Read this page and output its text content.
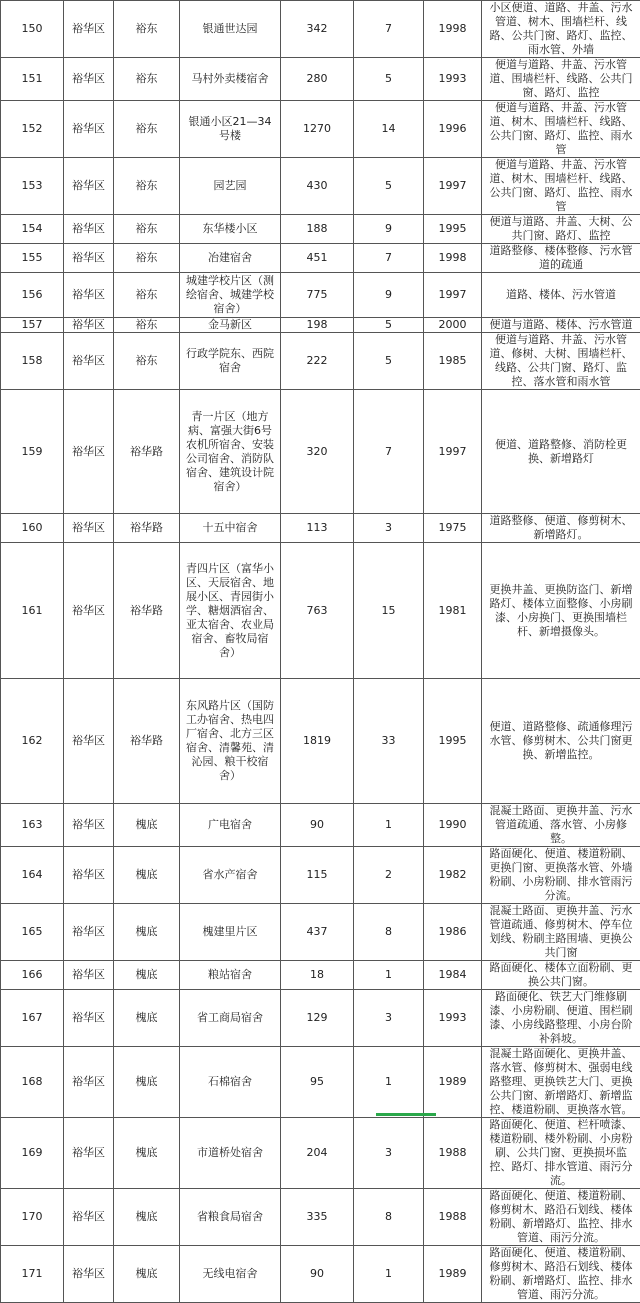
150	裕华区	裕东	银通世达园	342	7	1998	小区便道、道路、井盖、污水管道、树木、围墙栏杆、线路、公共门窗、路灯、监控、雨水管、外墙
151	裕华区	裕东	马村外卖楼宿舍	280	5	1993	便道与道路、井盖、污水管道、围墙栏杆、线路、公共门窗、路灯、监控
152	裕华区	裕东	银通小区21—34号楼	1270	14	1996	便道与道路、井盖、污水管道、树木、围墙栏杆、线路、公共门窗、路灯、监控、雨水管
153	裕华区	裕东	园艺园	430	5	1997	便道与道路、井盖、污水管道、树木、围墙栏杆、线路、公共门窗、路灯、监控、雨水管
154	裕华区	裕东	东华楼小区	188	9	1995	便道与道路、井盖、大树、公共门窗、路灯、监控
155	裕华区	裕东	冶建宿舍	451	7	1998	道路整修、楼体整修、污水管道的疏通
156	裕华区	裕东	城建学校片区（测绘宿舍、城建学校宿舍）	775	9	1997	道路、楼体、污水管道
157	裕华区	裕东	金马新区	198	5	2000	便道与道路、楼体、污水管道
158	裕华区	裕东	行政学院东、西院宿舍	222	5	1985	便道与道路、井盖、污水管道、修树、大树、围墙栏杆、线路、公共门窗、路灯、监控、落水管和雨水管
159	裕华区	裕华路	青一片区（地方病、富强大街6号农机所宿舍、安装公司宿舍、消防队宿舍、建筑设计院宿舍）	320	7	1997	便道、道路整修、消防栓更换、新增路灯
160	裕华区	裕华路	十五中宿舍	113	3	1975	道路整修、便道、修剪树木、新增路灯。
161	裕华区	裕华路	青四片区（富华小区、天辰宿舍、地展小区、青园街小学、糖烟酒宿舍、亚太宿舍、农业局宿舍、畜牧局宿舍）	763	15	1981	更换井盖、更换防盗门、新增路灯、楼体立面整修、小房刷漆、小房换门、更换围墙栏杆、新增摄像头。
162	裕华区	裕华路	东风路片区（国防工办宿舍、热电四厂宿舍、北方三区宿舍、清馨苑、清沁园、粮干校宿舍）	1819	33	1995	便道、道路整修、疏通修理污水管、修剪树木、公共门窗更换、新增监控。
163	裕华区	槐底	广电宿舍	90	1	1990	混凝土路面、更换井盖、污水管道疏通、落水管、小房修整。
164	裕华区	槐底	省水产宿舍	115	2	1982	路面硬化、便道、楼道粉刷、更换门窗、更换落水管、外墙粉刷、小房粉刷、排水管雨污分流。
165	裕华区	槐底	槐建里片区	437	8	1986	混凝土路面、更换井盖、污水管道疏通、修剪树木、停车位划线、粉刷主路围墙、更换公共门窗
166	裕华区	槐底	粮站宿舍	18	1	1984	路面硬化、楼体立面粉刷、更换公共门窗。
167	裕华区	槐底	省工商局宿舍	129	3	1993	路面硬化、铁艺大门维修刷漆、小房粉刷、便道、围栏刷漆、小房线路整理、小房台阶补斜坡。
168	裕华区	槐底	石棉宿舍	95	1	1989	混凝土路面硬化、更换井盖、落水管、修剪树木、强弱电线路整理、更换铁艺大门、更换公共门窗、新增路灯、新增监控、楼道粉刷、更换落水管。
169	裕华区	槐底	市道桥处宿舍	204	3	1988	路面硬化、便道、栏杆喷漆、楼道粉刷、楼外粉刷、小房粉刷、公共门窗、更换损坏监控、路灯、排水管道、雨污分流。
170	裕华区	槐底	省粮食局宿舍	335	8	1988	路面硬化、便道、楼道粉刷、修剪树木、路沿石划线、楼体粉刷、新增路灯、监控、排水管道、雨污分流。
171	裕华区	槐底	无线电宿舍	90	1	1989	路面硬化、便道、楼道粉刷、修剪树木、路沿石划线、楼体粉刷、新增路灯、监控、排水管道、雨污分流。
